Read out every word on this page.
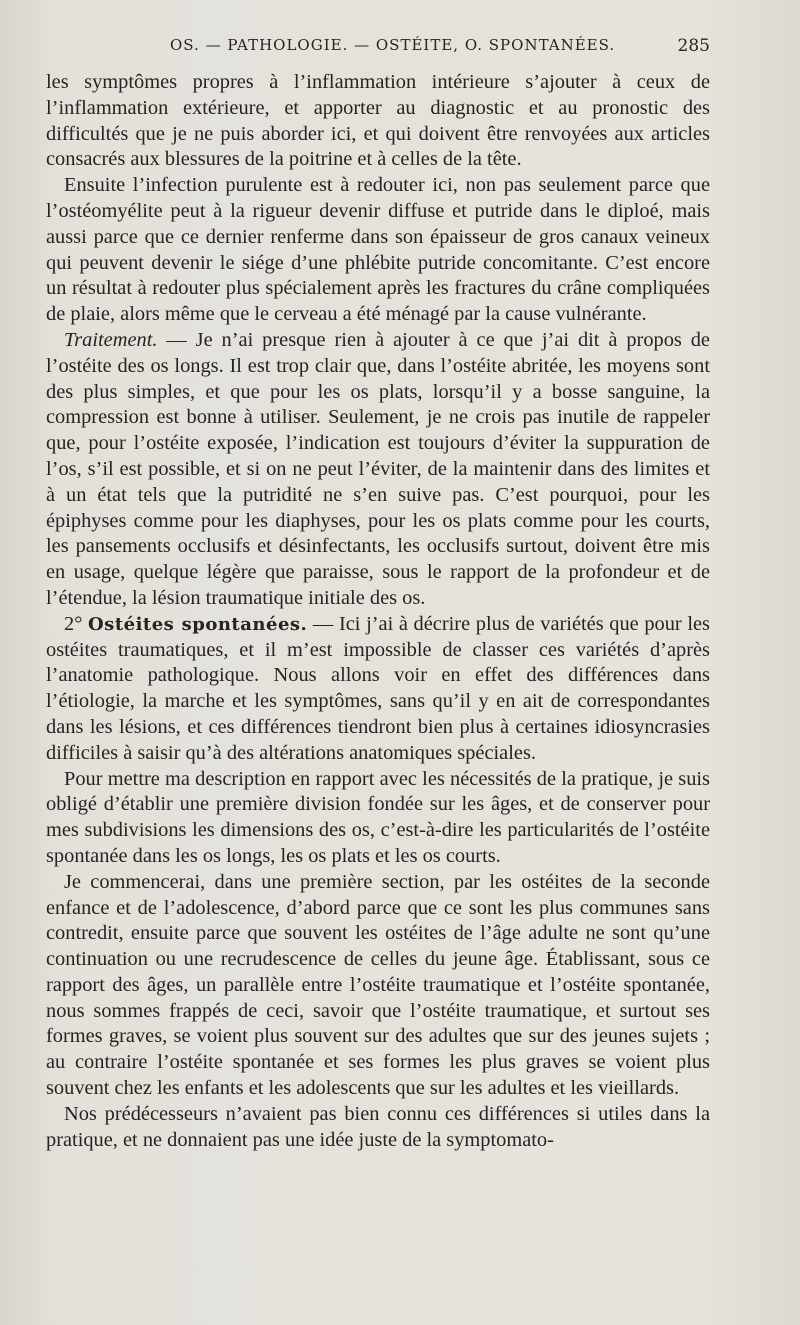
OS. — PATHOLOGIE. — OSTÉITE, O. SPONTANÉES.	285

les symptômes propres à l’inflammation intérieure s’ajouter à ceux de l’inflammation extérieure, et apporter au diagnostic et au pronostic des difficultés que je ne puis aborder ici, et qui doivent être renvoyées aux articles consacrés aux blessures de la poitrine et à celles de la tête.

Ensuite l’infection purulente est à redouter ici, non pas seulement parce que l’ostéomyélite peut à la rigueur devenir diffuse et putride dans le diploé, mais aussi parce que ce dernier renferme dans son épaisseur de gros canaux veineux qui peuvent devenir le siége d’une phlébite putride concomitante. C’est encore un résultat à redouter plus spécialement après les fractures du crâne compliquées de plaie, alors même que le cerveau a été ménagé par la cause vulnérante.

Traitement. — Je n’ai presque rien à ajouter à ce que j’ai dit à propos de l’ostéite des os longs. Il est trop clair que, dans l’ostéite abritée, les moyens sont des plus simples, et que pour les os plats, lorsqu’il y a bosse sanguine, la compression est bonne à utiliser. Seulement, je ne crois pas inutile de rappeler que, pour l’ostéite exposée, l’indication est toujours d’éviter la suppuration de l’os, s’il est possible, et si on ne peut l’éviter, de la maintenir dans des limites et à un état tels que la putridité ne s’en suive pas. C’est pourquoi, pour les épiphyses comme pour les diaphyses, pour les os plats comme pour les courts, les pansements occlusifs et désinfectants, les occlusifs surtout, doivent être mis en usage, quelque légère que paraisse, sous le rapport de la profondeur et de l’étendue, la lésion traumatique initiale des os.

2° Ostéites spontanées. — Ici j’ai à décrire plus de variétés que pour les ostéites traumatiques, et il m’est impossible de classer ces variétés d’après l’anatomie pathologique. Nous allons voir en effet des différences dans l’étiologie, la marche et les symptômes, sans qu’il y en ait de correspondantes dans les lésions, et ces différences tiendront bien plus à certaines idiosyncrasies difficiles à saisir qu’à des altérations anatomiques spéciales.

Pour mettre ma description en rapport avec les nécessités de la pratique, je suis obligé d’établir une première division fondée sur les âges, et de conserver pour mes subdivisions les dimensions des os, c’est-à-dire les particularités de l’ostéite spontanée dans les os longs, les os plats et les os courts.

Je commencerai, dans une première section, par les ostéites de la seconde enfance et de l’adolescence, d’abord parce que ce sont les plus communes sans contredit, ensuite parce que souvent les ostéites de l’âge adulte ne sont qu’une continuation ou une recrudescence de celles du jeune âge. Établissant, sous ce rapport des âges, un parallèle entre l’ostéite traumatique et l’ostéite spontanée, nous sommes frappés de ceci, savoir que l’ostéite traumatique, et surtout ses formes graves, se voient plus souvent sur des adultes que sur des jeunes sujets ; au contraire l’ostéite spontanée et ses formes les plus graves se voient plus souvent chez les enfants et les adolescents que sur les adultes et les vieillards.

Nos prédécesseurs n’avaient pas bien connu ces différences si utiles dans la pratique, et ne donnaient pas une idée juste de la symptomato-
